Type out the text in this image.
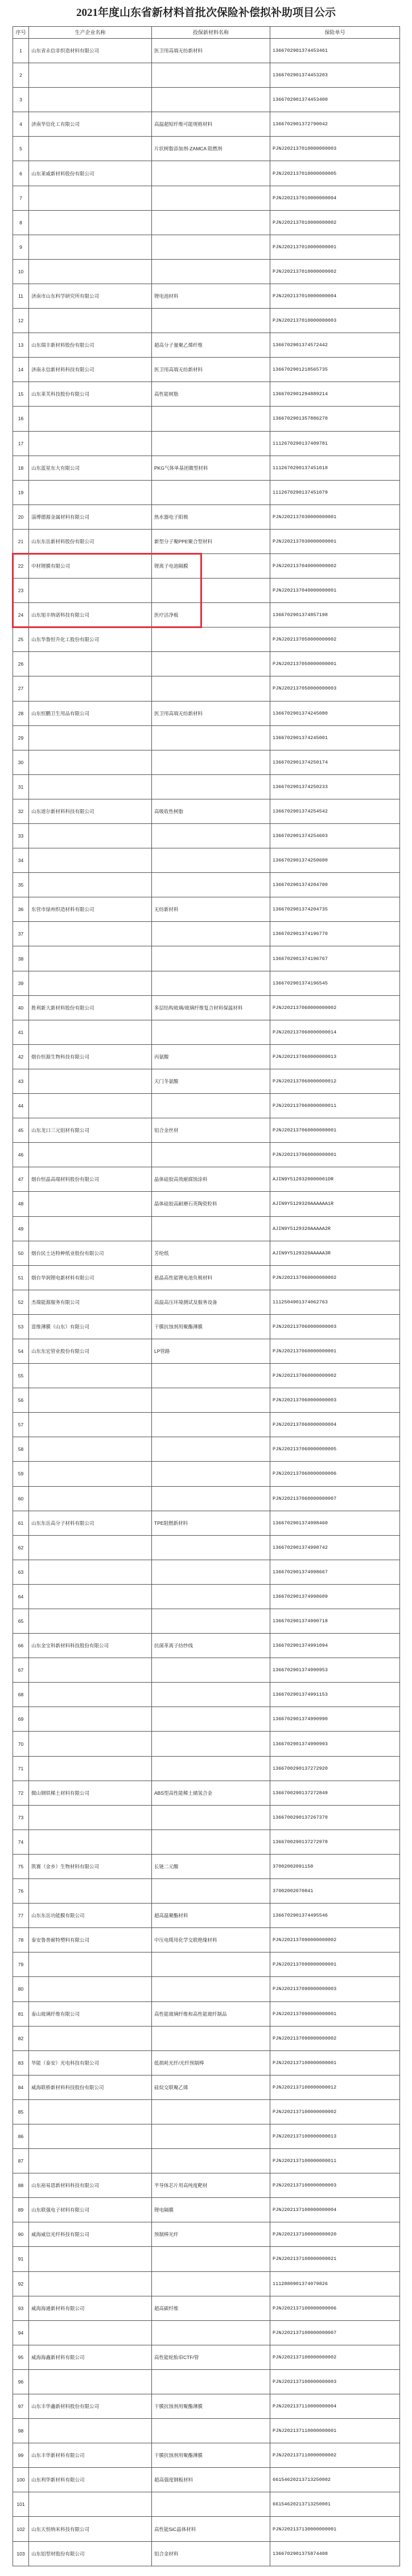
2021年度山东省新材料首批次保险补偿拟补助项目公示
序号	生产企业名称	投保新材料名称	保险单号
1	山东省永信非织造材料有限公司	医卫用高端无纺新材料	1366702901374453461
2			1366702901374453203
3			1366702901374453400
4	济南华信化工有限公司	高温超短纤维可能规格材料	1366702901372790042
5		片状树脂添加剂-ZAMCA 阻燃剂	PJNJ202137010000000003
6	山东莱威新材料股份有限公司		PJNJ202137010000000005
7			PJNJ202137010000000004
8			PJNJ202137010000000002
9			PJNJ202137010000000001
10			PJNJ202137010000000002
11	济南市山东科学研究所有限公司	锂电池材料	PJNJ202137010000000004
12			PJNJ202137010000000003
13	山东瑞丰新材料股份有限公司	超高分子量聚乙烯纤维	1366702901374572442
14	济南永信新材料科技有限公司	医卫用高端无纺新材料	1366702901218565735
15	山东莱芙科技股份有限公司	高性能树脂	1366702901294889214
16			1366702901357886270
17			1112670290137409781
18	山东蓝星东大有限公司	PKG气体单基团微型材料	1112670290137451018
19			1112670290137451079
20	淄博德源金属材料有限公司	热水器电子阳极	PJNJ202137030000000001
21	山东东岳新材料股份有限公司	新型分子聚PPE聚合型材料	PJNJ202137030000000001
22	中材锂膜有限公司	锂离子电池隔膜	PJNJ202137040000000002
23			PJNJ202137040000000001
24	山东旭丰纳诺科技有限公司	医疗洁净板	1366702901374857198
25	山东华鲁恒升化工股份有限公司		PJNJ202137050000000002
26			PJNJ202137050000000001
27			PJNJ202137050000000003
28	山东恒鹏卫生用品有限公司	医卫用高端无纺新材料	1366702901374245080
29			1366702901374245001
30			1366702901374250174
31			1366702901374250233
32	山东道尔新材料科技有限公司	高吸收性树脂	1366702901374254542
33			1366702901374254603
34			1366702901374250600
35			1366702901374204700
36	东营市绿州织造材料有限公司	无纺新材料	1366702901374204735
37			1366702901374196770
38			1366702901374196767
39			1366702901374196545
40	胜利新大新材料股份有限公司	多层结构玻璃/玻璃纤维复合材料保温材料	PJNJ202137060000000002
41			PJNJ202137060000000014
42	烟台恒源生物科技有限公司	丙氨酸	PJNJ202137060000000013
43		天门冬氨酸	PJNJ202137060000000012
44			PJNJ202137060000000011
45	山东龙口三元铝材有限公司	铝合金丝材	PJNJ202137060000000001
46			PJNJ202137060000000001
47	烟台恒晶高端材料股份有限公司	晶体硅胶高效耐腐蚀涂料	AJIN9Y5129320000001DR
48		晶体硅胶高耐磨石英陶瓷粒料	AJIN9Y5129320AAAAAA1R
49			AJIN9Y5129320AAAAA2R
50	烟台民士达特种纸业股份有限公司	芳纶纸	AJIN9Y5129320AAAAA3R
51	烟台华润锂电新材料有限公司	悬晶高性能锂电池负极材料	PJNJ202137060000000002
52	杰瑞能源服务有限公司	高温高压环境测试及服务设备	1112504901374062763
53	富维薄膜（山东）有限公司	干膜抗蚀剂用聚酯薄膜	PJNJ202137060000000003
54	山东东宏管业股份有限公司	LP管路	PJNJ202137060000000001
55			PJNJ202137060000000002
56			PJNJ202137060000000003
57			PJNJ202137060000000004
58			PJNJ202137060000000005
59			PJNJ202137060000000006
60			PJNJ202137060000000007
61	山东东岳高分子材料有限公司	TPE阻燃新材料	1366702901374998460
62			1366702901374998742
63			1366702901374998667
64			1366702901374998609
65			1366702901374990718
66	山东金宝科新材料科技股份有限公司	抗菌革离子纺纱线	1366702901374991094
67			1366702901374990953
68			1366702901374991153
69			1366702901374990990
70			1366702901374990993
71			1366700290137272920
72	微山钢铁稀土材料有限公司	ABS型高性能稀土储氢合金	1366700290137272849
73			1366700290137267370
74			1366700290137272978
75	凯赛（金乡）生物材料有限公司	长链二元酸	37002002091150
76			37002002070841
77	山东东岳功能膜有限公司	超高温聚酯材料	1366702901374495546
78	泰安鲁普耐特塑料有限公司	中压电缆用化学交联绝缘材料	PJNJ202137090000000002
79			PJNJ202137090000000001
80			PJNJ202137090000000003
81	泰山玻璃纤维有限公司	高性能玻璃纤维和高性能玻纤制品	PJNJ202137090000000001
82			PJNJ202137090000000002
83	华能（泰安）光电科技有限公司	低损耗光纤/光纤预制棒	PJNJ202137100000000001
84	威海联桥新材料科技股份有限公司	硅烷交联聚乙烯	PJNJ202137100000000012
85			PJNJ202137100000000002
86			PJNJ202137100000000013
87			PJNJ202137100000000011
88	山东裕易恩新材料科技有限公司	半导体芯片用高纯度靶材	PJNJ202137100000000003
89	山东联强电子材料有限公司	锂电隔膜	PJNJ202137100000000004
90	威海威信光纤科技有限公司	预制棒光纤	PJNJ202137100000000020
91			PJNJ202137100000000021
92			1112880901374079826
93	威海海通新材料有限公司	超高碳纤维	PJNJ202137100000000006
94			PJNJ202137100000000007
95	威海海鑫新材料有限公司	高性能轮胎帘CTF/管	PJNJ202137100000000002
96			PJNJ202137100000000003
97	山东丰华鑫新材料股份有限公司	干膜抗蚀剂用聚酯薄膜	PJNJ202137110000000004
98			PJNJ202137110000000001
99	山东丰华新材料有限公司	干膜抗蚀剂用聚酯薄膜	PJNJ202137110000000002
100	山东利华新材料有限公司	超高强度钢板材料	66154620213713250002
101			66154620213713250001
102	山东天恒纳米科技有限公司	高性能SiC晶体材料	PJNJ202137130000000001
103	山东铝型材股份有限公司	铝合金材料	1366702901375874408
